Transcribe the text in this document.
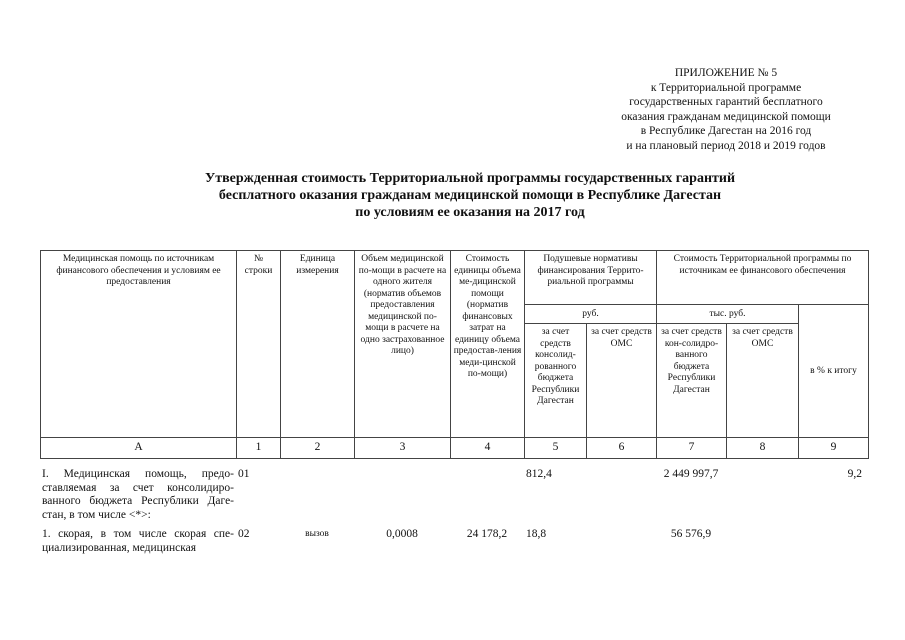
ПРИЛОЖЕНИЕ № 5
к Территориальной программе
государственных гарантий бесплатного
оказания гражданам медицинской помощи
в Республике Дагестан на 2016 год
и на плановый период 2018 и 2019 годов
Утвержденная стоимость Территориальной программы государственных гарантий
бесплатного оказания гражданам медицинской помощи в Республике Дагестан
по условиям ее оказания на 2017 год
Медицинская помощь по источникам финансового обеспечения и условиям ее предоставления	№ строки	Единица измерения	Объем медицинской по-мощи в расчете на одного жителя (норматив объемов предоставления медицинской по-мощи в расчете на одно застрахованное лицо)	Стоимость единицы объема ме-дицинской помощи (норматив финансовых затрат на единицу объема предостав-ления меди-цинской по-мощи)	Подушевые нормативы финансирования Террито-риальной программы		Стоимость Территориальной программы по источникам ее финансового обеспечения		
					руб.		тыс. руб.		в % к итогу
					за счет средств консолид-рованного бюджета Республики Дагестан	за счет средств ОМС	за счет средств кон-солидро-ванного бюджета Республики Дагестан	за счет средств ОМС	
А	1	2	3	4	5	6	7	8	9
I. Медицинская помощь, предо-ставляемая за счет консолидиро-ванного бюджета Республики Даге-стан, в том числе <*>:	01				812,4		2 449 997,7		9,2
1. скорая, в том числе скорая спе-циализированная, медицинская	02	вызов	0,0008	24 178,2	18,8		56 576,9		
